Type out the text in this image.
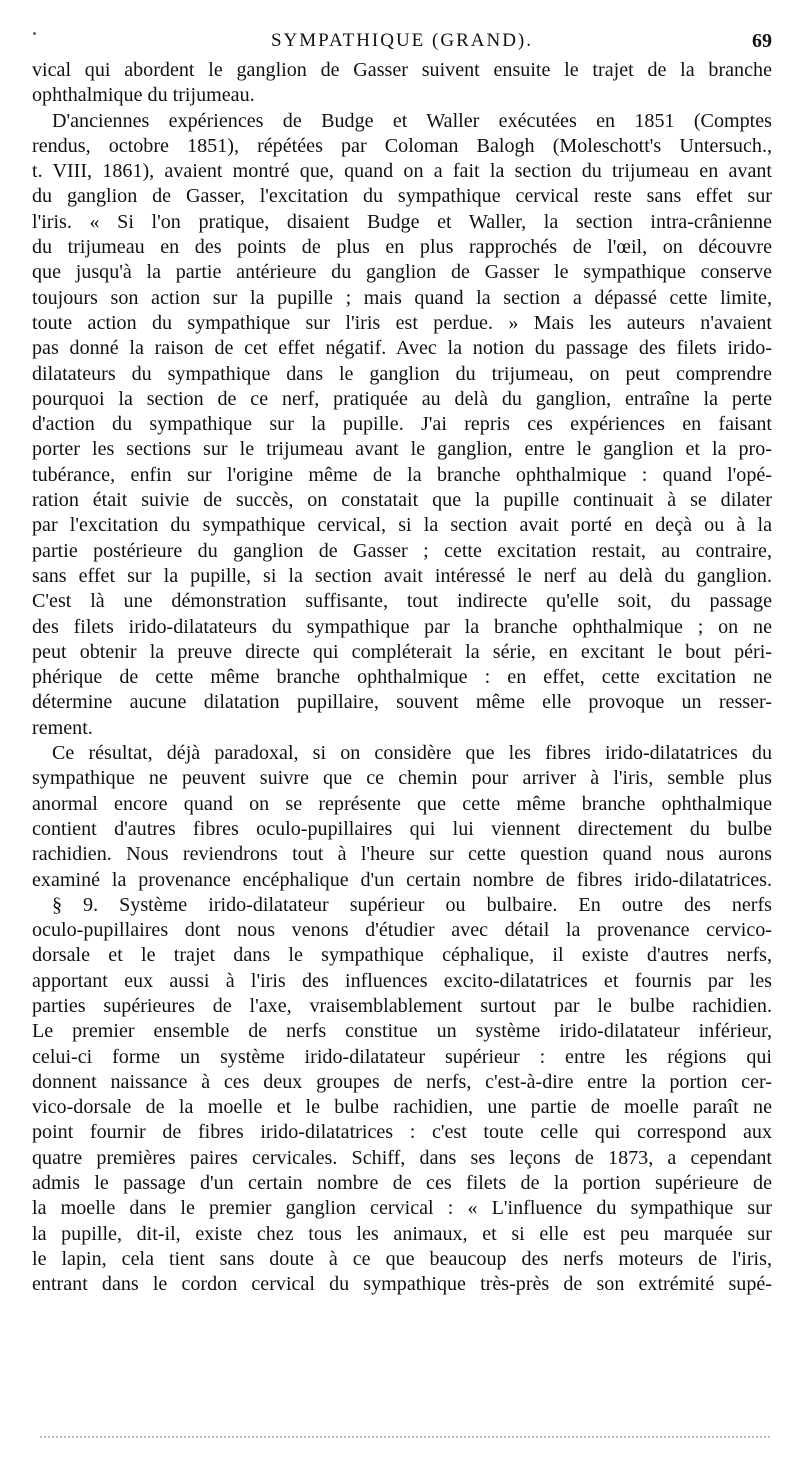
SYMPATHIQUE (GRAND).	69
vical qui abordent le ganglion de Gasser suivent ensuite le trajet de la branche
ophthalmique du trijumeau.
D'anciennes expériences de Budge et Waller exécutées en 1851 (Comptes
rendus, octobre 1851), répétées par Coloman Balogh (Moleschott's Untersuch.,
t. VIII, 1861), avaient montré que, quand on a fait la section du trijumeau en avant
du ganglion de Gasser, l'excitation du sympathique cervical reste sans effet sur
l'iris. « Si l'on pratique, disaient Budge et Waller, la section intra-crânienne
du trijumeau en des points de plus en plus rapprochés de l'œil, on découvre
que jusqu'à la partie antérieure du ganglion de Gasser le sympathique conserve
toujours son action sur la pupille ; mais quand la section a dépassé cette limite,
toute action du sympathique sur l'iris est perdue. » Mais les auteurs n'avaient
pas donné la raison de cet effet négatif. Avec la notion du passage des filets irido-
dilatateurs du sympathique dans le ganglion du trijumeau, on peut comprendre
pourquoi la section de ce nerf, pratiquée au delà du ganglion, entraîne la perte
d'action du sympathique sur la pupille. J'ai repris ces expériences en faisant
porter les sections sur le trijumeau avant le ganglion, entre le ganglion et la pro-
tubérance, enfin sur l'origine même de la branche ophthalmique : quand l'opé-
ration était suivie de succès, on constatait que la pupille continuait à se dilater
par l'excitation du sympathique cervical, si la section avait porté en deçà ou à la
partie postérieure du ganglion de Gasser ; cette excitation restait, au contraire,
sans effet sur la pupille, si la section avait intéressé le nerf au delà du ganglion.
C'est là une démonstration suffisante, tout indirecte qu'elle soit, du passage
des filets irido-dilatateurs du sympathique par la branche ophthalmique ; on ne
peut obtenir la preuve directe qui compléterait la série, en excitant le bout péri-
phérique de cette même branche ophthalmique : en effet, cette excitation ne
détermine aucune dilatation pupillaire, souvent même elle provoque un resser-
rement.
Ce résultat, déjà paradoxal, si on considère que les fibres irido-dilatatrices du
sympathique ne peuvent suivre que ce chemin pour arriver à l'iris, semble plus
anormal encore quand on se représente que cette même branche ophthalmique
contient d'autres fibres oculo-pupillaires qui lui viennent directement du bulbe
rachidien. Nous reviendrons tout à l'heure sur cette question quand nous aurons
examiné la provenance encéphalique d'un certain nombre de fibres irido-dilatatrices.
§ 9. Système irido-dilatateur supérieur ou bulbaire. En outre des nerfs
oculo-pupillaires dont nous venons d'étudier avec détail la provenance cervico-
dorsale et le trajet dans le sympathique céphalique, il existe d'autres nerfs,
apportant eux aussi à l'iris des influences excito-dilatatrices et fournis par les
parties supérieures de l'axe, vraisemblablement surtout par le bulbe rachidien.
Le premier ensemble de nerfs constitue un système irido-dilatateur inférieur,
celui-ci forme un système irido-dilatateur supérieur : entre les régions qui
donnent naissance à ces deux groupes de nerfs, c'est-à-dire entre la portion cer-
vico-dorsale de la moelle et le bulbe rachidien, une partie de moelle paraît ne
point fournir de fibres irido-dilatatrices : c'est toute celle qui correspond aux
quatre premières paires cervicales. Schiff, dans ses leçons de 1873, a cependant
admis le passage d'un certain nombre de ces filets de la portion supérieure de
la moelle dans le premier ganglion cervical : « L'influence du sympathique sur
la pupille, dit-il, existe chez tous les animaux, et si elle est peu marquée sur
le lapin, cela tient sans doute à ce que beaucoup des nerfs moteurs de l'iris,
entrant dans le cordon cervical du sympathique très-près de son extrémité supé-
